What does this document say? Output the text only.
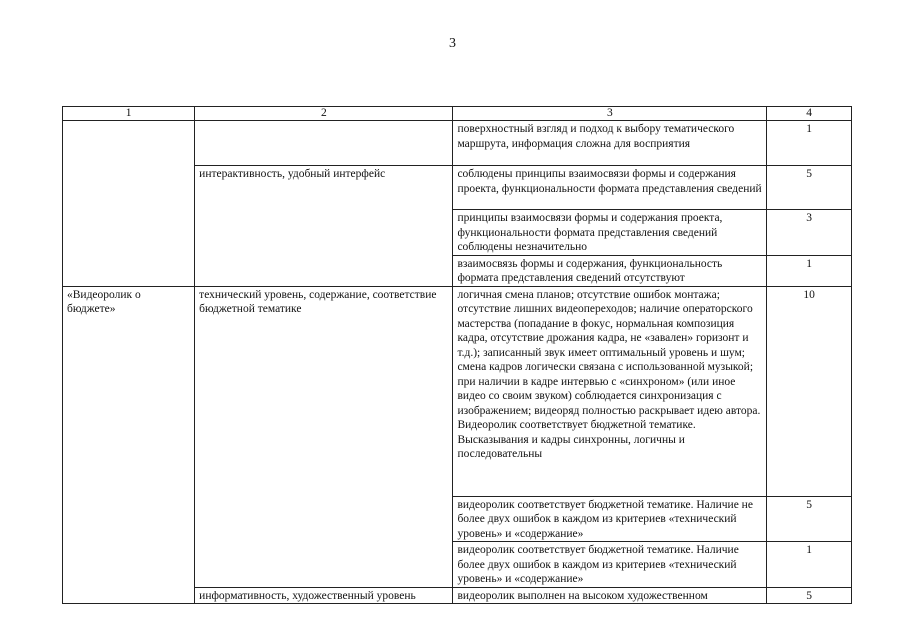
3
1	2	3	4
		поверхностный взгляд и подход к выбору тематического маршрута, информация сложна для восприятия	1
	интерактивность, удобный интерфейс	соблюдены принципы взаимосвязи формы и содержания проекта, функциональности формата представления сведений	5
		принципы взаимосвязи формы и содержания проекта, функциональности формата представления сведений соблюдены незначительно	3
		взаимосвязь формы и содержания, функциональность формата представления сведений отсутствуют	1
«Видеоролик о бюджете»	технический уровень, содержание, соответствие бюджетной тематике	логичная смена планов; отсутствие ошибок монтажа; отсутствие лишних видеопереходов; наличие операторского мастерства (попадание в фокус, нормальная композиция кадра, отсутствие дрожания кадра, не «завален» горизонт и т.д.); записанный звук имеет оптимальный уровень и шум; смена кадров логически связана с использованной музыкой; при наличии в кадре интервью с «синхроном» (или иное видео со своим звуком) соблюдается синхронизация с изображением; видеоряд полностью раскрывает идею автора. Видеоролик соответствует бюджетной тематике. Высказывания и кадры синхронны, логичны и последовательны	10
		видеоролик соответствует бюджетной тематике. Наличие не более двух ошибок в каждом из критериев «технический уровень» и «содержание»	5
		видеоролик соответствует бюджетной тематике. Наличие более двух ошибок в каждом из критериев «технический уровень» и «содержание»	1
	информативность, художественный уровень	видеоролик выполнен на высоком художественном	5
